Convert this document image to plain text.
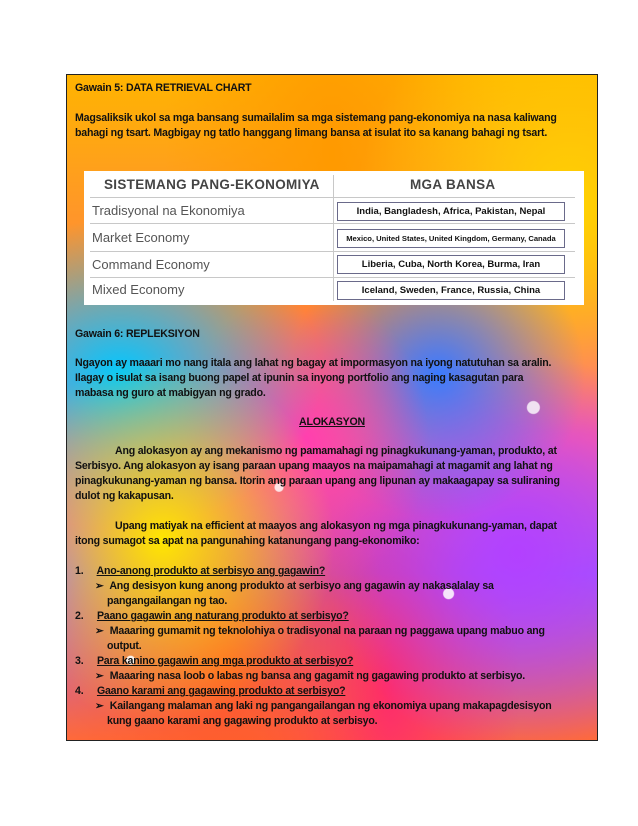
Gawain 5: DATA RETRIEVAL CHART
Magsaliksik ukol sa mga bansang sumailalim sa mga sistemang pang-ekonomiya na nasa kaliwang
bahagi ng tsart. Magbigay ng tatlo hanggang limang bansa at isulat ito sa kanang bahagi ng tsart.
SISTEMANG PANG-EKONOMIYA	MGA BANSA
Tradisyonal na Ekonomiya	India, Bangladesh, Africa, Pakistan, Nepal
Market Economy	Mexico, United States, United Kingdom, Germany, Canada
Command Economy	Liberia, Cuba, North Korea, Burma, Iran
Mixed Economy	Iceland, Sweden, France, Russia, China
Gawain 6: REPLEKSIYON
Ngayon ay maaari mo nang itala ang lahat ng bagay at impormasyon na iyong natutuhan sa aralin.
Ilagay o isulat sa isang buong papel at ipunin sa inyong portfolio ang naging kasagutan para
mabasa ng guro at mabigyan ng grado.
ALOKASYON
Ang alokasyon ay ang mekanismo ng pamamahagi ng pinagkukunang-yaman, produkto, at
Serbisyo. Ang alokasyon ay isang paraan upang maayos na maipamahagi at magamit ang lahat ng
pinagkukunang-yaman ng bansa. Itorin ang paraan upang ang lipunan ay makaagapay sa suliraning
dulot ng kakapusan.
Upang matiyak na efficient at maayos ang alokasyon ng mga pinagkukunang-yaman, dapat
itong sumagot sa apat na pangunahing katanungang pang-ekonomiko:
1. Ano-anong produkto at serbisyo ang gagawin?
➢ Ang desisyon kung anong produkto at serbisyo ang gagawin ay nakasalalay sa
pangangailangan ng tao.
2. Paano gagawin ang naturang produkto at serbisyo?
➢ Maaaring gumamit ng teknolohiya o tradisyonal na paraan ng paggawa upang mabuo ang
output.
3. Para kanino gagawin ang mga produkto at serbisyo?
➢ Maaaring nasa loob o labas ng bansa ang gagamit ng gagawing produkto at serbisyo.
4. Gaano karami ang gagawing produkto at serbisyo?
➢ Kailangang malaman ang laki ng pangangailangan ng ekonomiya upang makapagdesisyon
kung gaano karami ang gagawing produkto at serbisyo.
